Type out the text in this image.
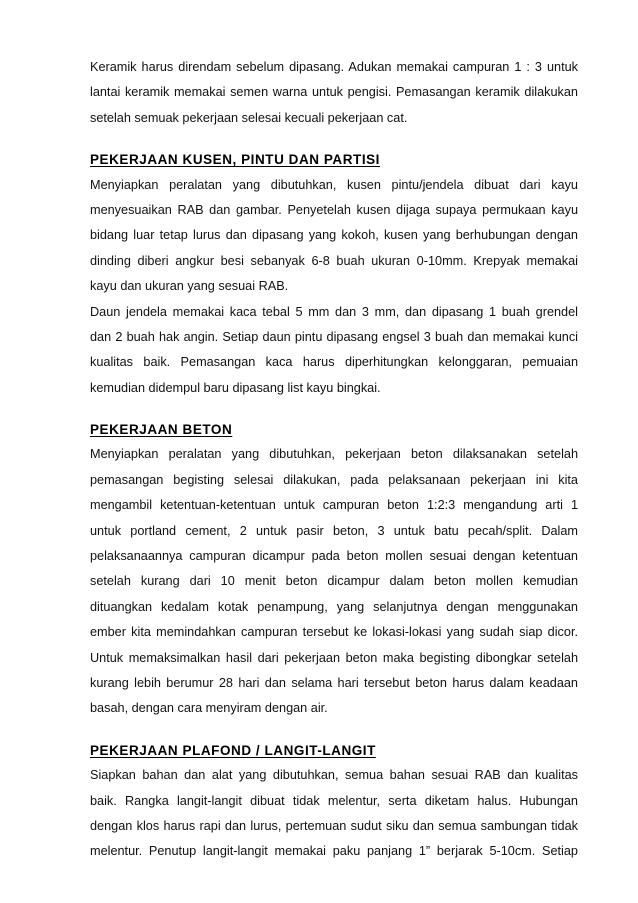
Keramik harus direndam sebelum dipasang. Adukan memakai campuran 1 : 3 untuk
lantai keramik memakai semen warna untuk pengisi. Pemasangan keramik dilakukan
setelah semuak pekerjaan selesai kecuali pekerjaan cat.
PEKERJAAN KUSEN, PINTU DAN PARTISI
Menyiapkan peralatan yang dibutuhkan, kusen pintu/jendela dibuat dari kayu
menyesuaikan RAB dan gambar. Penyetelah kusen dijaga supaya permukaan kayu
bidang luar tetap lurus dan dipasang yang kokoh, kusen yang berhubungan dengan
dinding diberi angkur besi sebanyak 6-8 buah ukuran 0-10mm. Krepyak memakai
kayu dan ukuran yang sesuai RAB.
Daun jendela memakai kaca tebal 5 mm dan 3 mm, dan dipasang 1 buah grendel
dan 2 buah hak angin. Setiap daun pintu dipasang engsel 3 buah dan memakai kunci
kualitas baik. Pemasangan kaca harus diperhitungkan kelonggaran, pemuaian
kemudian didempul baru dipasang list kayu bingkai.
PEKERJAAN BETON
Menyiapkan peralatan yang dibutuhkan, pekerjaan beton dilaksanakan setelah
pemasangan begisting selesai dilakukan, pada pelaksanaan pekerjaan ini kita
mengambil ketentuan-ketentuan untuk campuran beton 1:2:3 mengandung arti 1
untuk portland cement, 2 untuk pasir beton, 3 untuk batu pecah/split. Dalam
pelaksanaannya campuran dicampur pada beton mollen sesuai dengan ketentuan
setelah kurang dari 10 menit beton dicampur dalam beton mollen kemudian
dituangkan kedalam kotak penampung, yang selanjutnya dengan menggunakan
ember kita memindahkan campuran tersebut ke lokasi-lokasi yang sudah siap dicor.
Untuk memaksimalkan hasil dari pekerjaan beton maka begisting dibongkar setelah
kurang lebih berumur 28 hari dan selama hari tersebut beton harus dalam keadaan
basah, dengan cara menyiram dengan air.
PEKERJAAN PLAFOND / LANGIT-LANGIT
Siapkan bahan dan alat yang dibutuhkan, semua bahan sesuai RAB dan kualitas
baik. Rangka langit-langit dibuat tidak melentur, serta diketam halus. Hubungan
dengan klos harus rapi dan lurus, pertemuan sudut siku dan semua sambungan tidak
melentur. Penutup langit-langit memakai paku panjang 1” berjarak 5-10cm. Setiap
